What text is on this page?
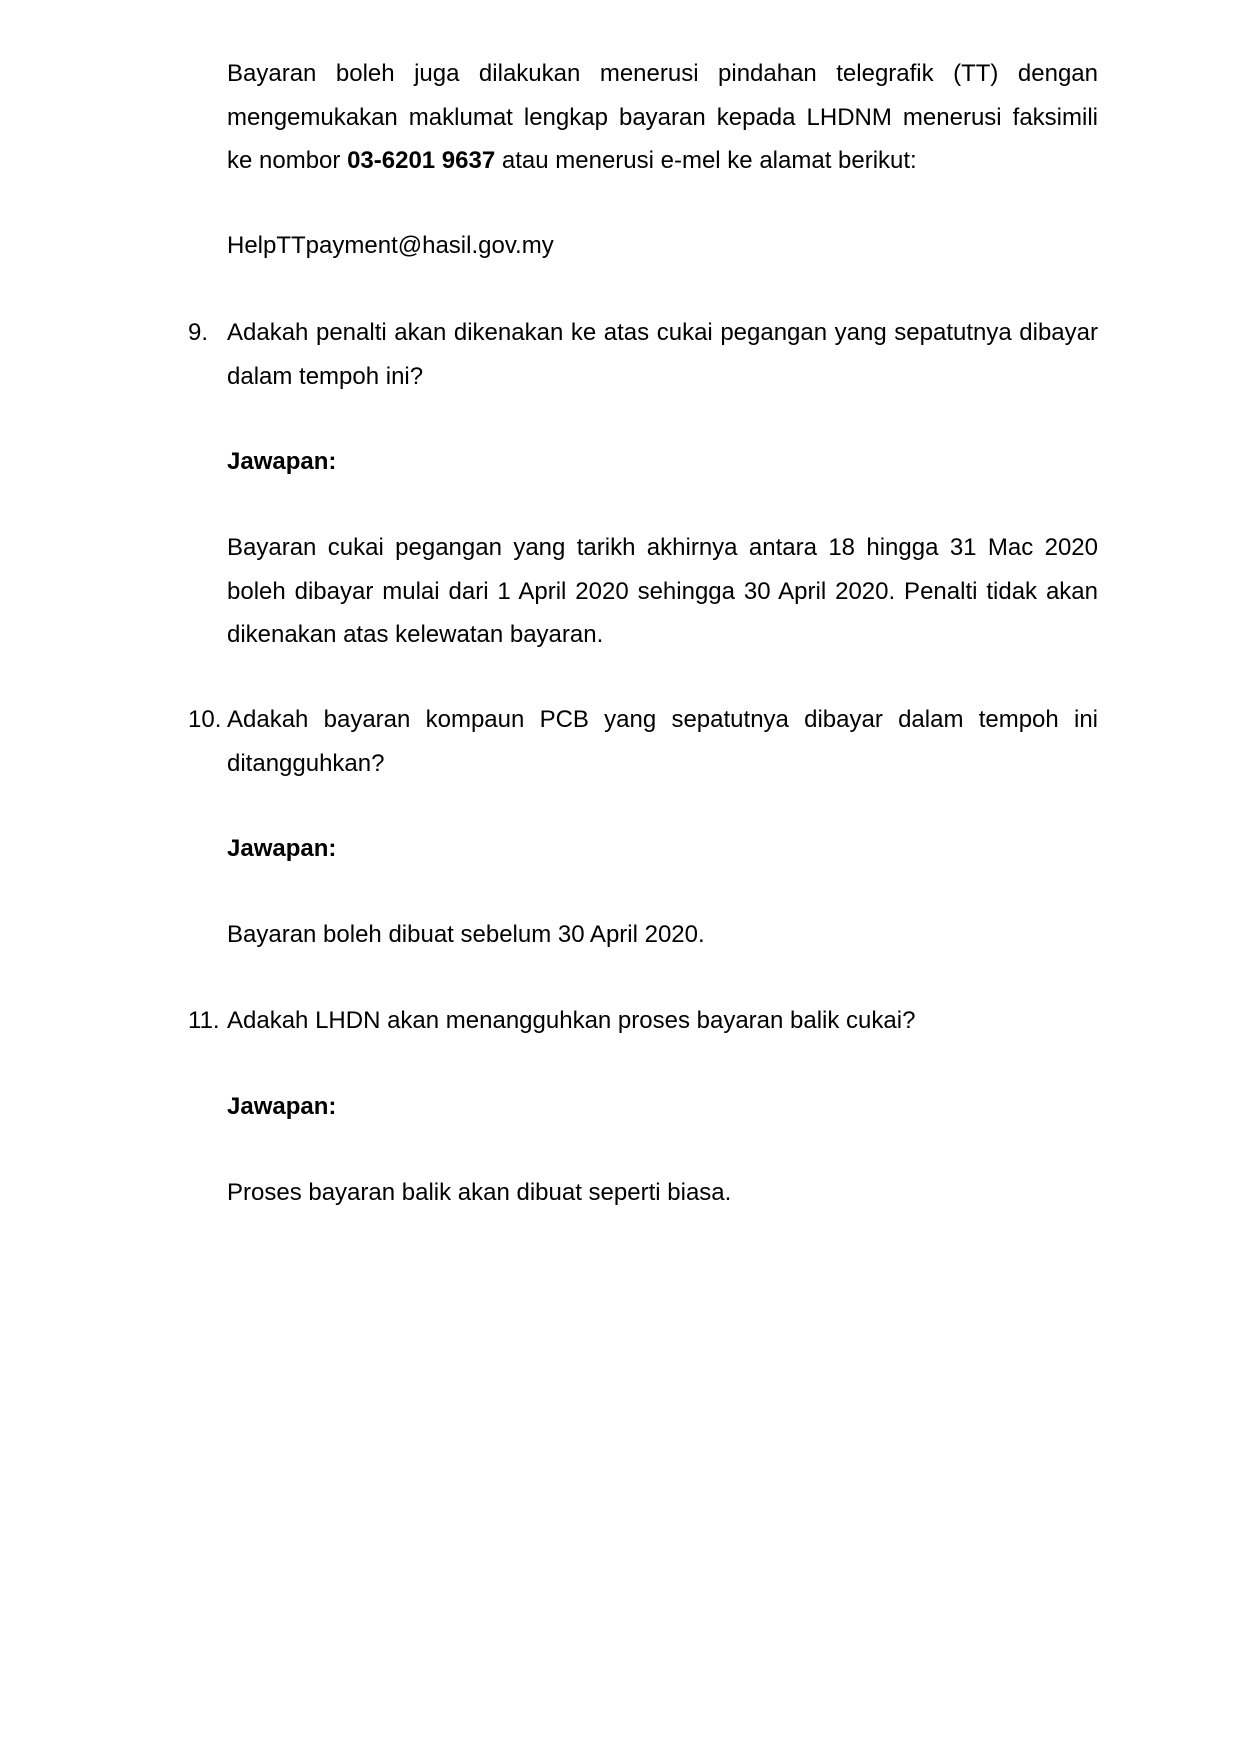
Bayaran boleh juga dilakukan menerusi pindahan telegrafik (TT) dengan mengemukakan maklumat lengkap bayaran kepada LHDNM menerusi faksimili ke nombor 03-6201 9637 atau menerusi e-mel ke alamat berikut:
HelpTTpayment@hasil.gov.my
9. Adakah penalti akan dikenakan ke atas cukai pegangan yang sepatutnya dibayar dalam tempoh ini?
Jawapan:
Bayaran cukai pegangan yang tarikh akhirnya antara 18 hingga 31 Mac 2020 boleh dibayar mulai dari 1 April 2020 sehingga 30 April 2020. Penalti tidak akan dikenakan atas kelewatan bayaran.
10. Adakah bayaran kompaun PCB yang sepatutnya dibayar dalam tempoh ini ditangguhkan?
Jawapan:
Bayaran boleh dibuat sebelum 30 April 2020.
11. Adakah LHDN akan menangguhkan proses bayaran balik cukai?
Jawapan:
Proses bayaran balik akan dibuat seperti biasa.
